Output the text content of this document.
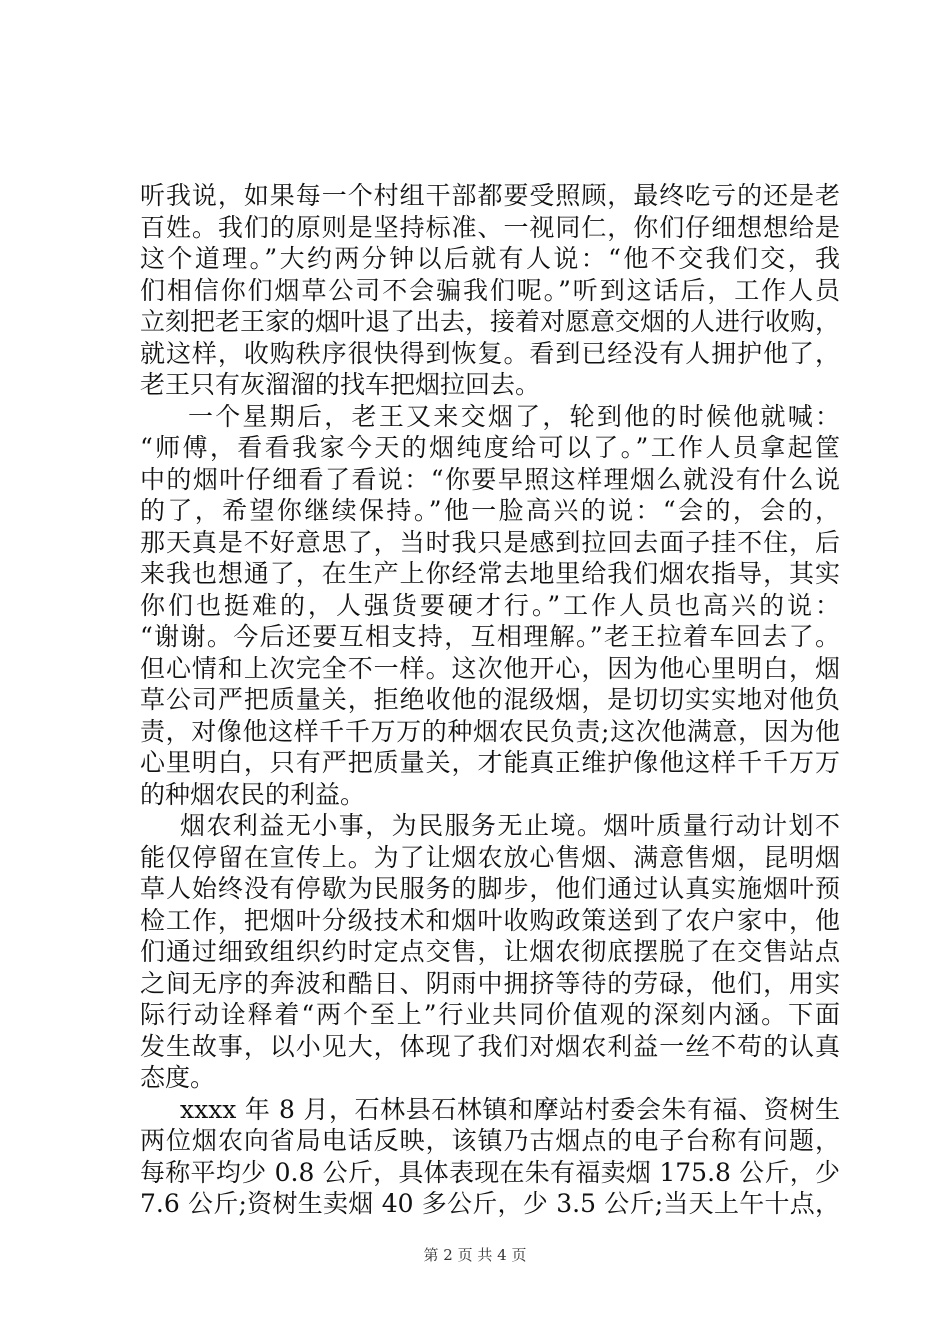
听我说，如果每一个村组干部都要受照顾，最终吃亏的还是老
百姓。我们的原则是坚持标准、一视同仁，你们仔细想想给是
这个道理。”大约两分钟以后就有人说：“他不交我们交，我
们相信你们烟草公司不会骗我们呢。”听到这话后，工作人员
立刻把老王家的烟叶退了出去，接着对愿意交烟的人进行收购，
就这样，收购秩序很快得到恢复。看到已经没有人拥护他了，
老王只有灰溜溜的找车把烟拉回去。
一个星期后，老王又来交烟了，轮到他的时候他就喊：
“师傅，看看我家今天的烟纯度给可以了。”工作人员拿起筐
中的烟叶仔细看了看说：“你要早照这样理烟么就没有什么说
的了，希望你继续保持。”他一脸高兴的说：“会的，会的，
那天真是不好意思了，当时我只是感到拉回去面子挂不住，后
来我也想通了，在生产上你经常去地里给我们烟农指导，其实
你们也挺难的，人强货要硬才行。”工作人员也高兴的说：
“谢谢。今后还要互相支持，互相理解。”老王拉着车回去了。
但心情和上次完全不一样。这次他开心，因为他心里明白，烟
草公司严把质量关，拒绝收他的混级烟，是切切实实地对他负
责，对像他这样千千万万的种烟农民负责;这次他满意，因为他
心里明白，只有严把质量关，才能真正维护像他这样千千万万
的种烟农民的利益。
烟农利益无小事，为民服务无止境。烟叶质量行动计划不
能仅停留在宣传上。为了让烟农放心售烟、满意售烟，昆明烟
草人始终没有停歇为民服务的脚步，他们通过认真实施烟叶预
检工作，把烟叶分级技术和烟叶收购政策送到了农户家中，他
们通过细致组织约时定点交售，让烟农彻底摆脱了在交售站点
之间无序的奔波和酷日、阴雨中拥挤等待的劳碌，他们，用实
际行动诠释着“两个至上”行业共同价值观的深刻内涵。下面
发生故事，以小见大，体现了我们对烟农利益一丝不苟的认真
态度。
xxxx 年 8 月，石林县石林镇和摩站村委会朱有福、资树生
两位烟农向省局电话反映，该镇乃古烟点的电子台称有问题，
每称平均少 0.8 公斤，具体表现在朱有福卖烟 175.8 公斤，少
7.6 公斤;资树生卖烟 40 多公斤，少 3.5 公斤;当天上午十点，
第 2 页 共 4 页
